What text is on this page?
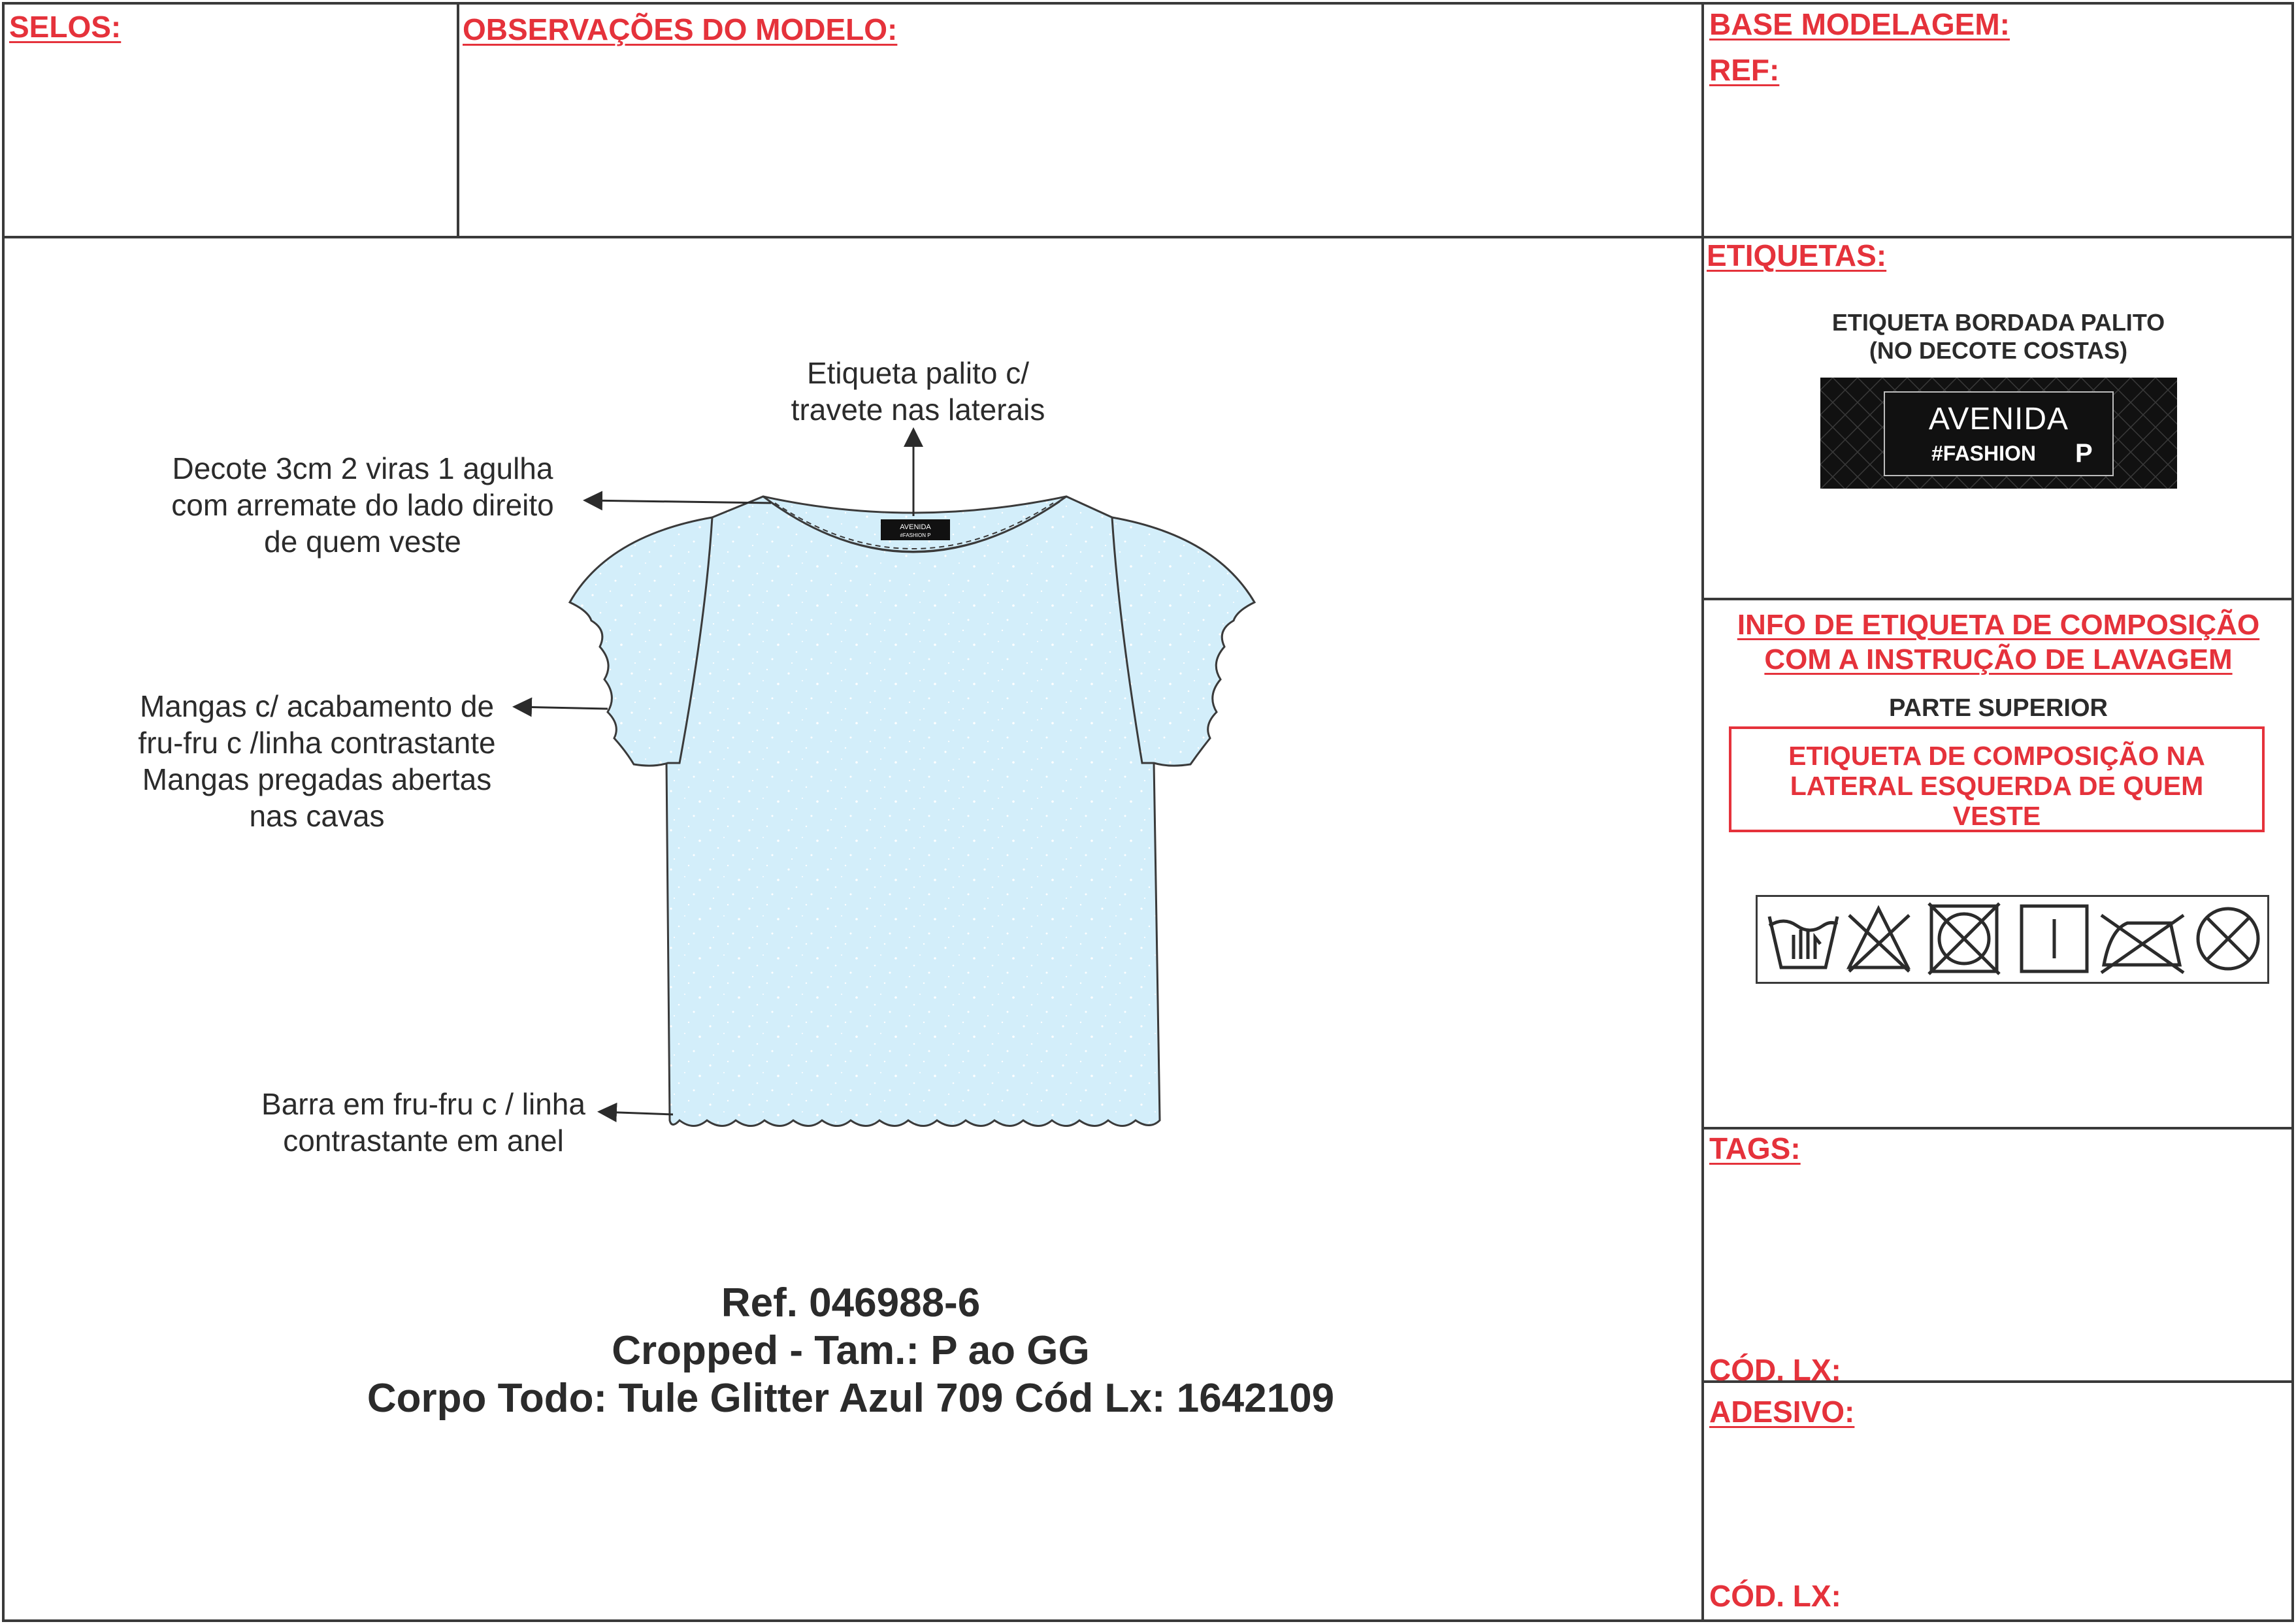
SELOS:	OBSERVAÇÕES DO MODELO:	BASE MODELAGEM:
REF:
AVENIDA
#FASHION P
Etiqueta palito c/
travete nas laterais
Decote 3cm 2 viras 1 agulha
com arremate do lado direito
de quem veste
Mangas c/ acabamento de
fru-fru c /linha contrastante
Mangas pregadas abertas
nas cavas
Barra em fru-fru c / linha
contrastante em anel
Ref. 046988-6
Cropped - Tam.: P ao GG
Corpo Todo: Tule Glitter Azul 709 Cód Lx: 1642109
ETIQUETAS:
ETIQUETA BORDADA PALITO
(NO DECOTE COSTAS)
AVENIDA
#FASHION	P
INFO DE ETIQUETA DE COMPOSIÇÃO
COM A INSTRUÇÃO DE LAVAGEM
PARTE SUPERIOR
ETIQUETA DE COMPOSIÇÃO NA
LATERAL ESQUERDA DE QUEM
VESTE
TAGS:
CÓD. LX:
ADESIVO:
CÓD. LX:
